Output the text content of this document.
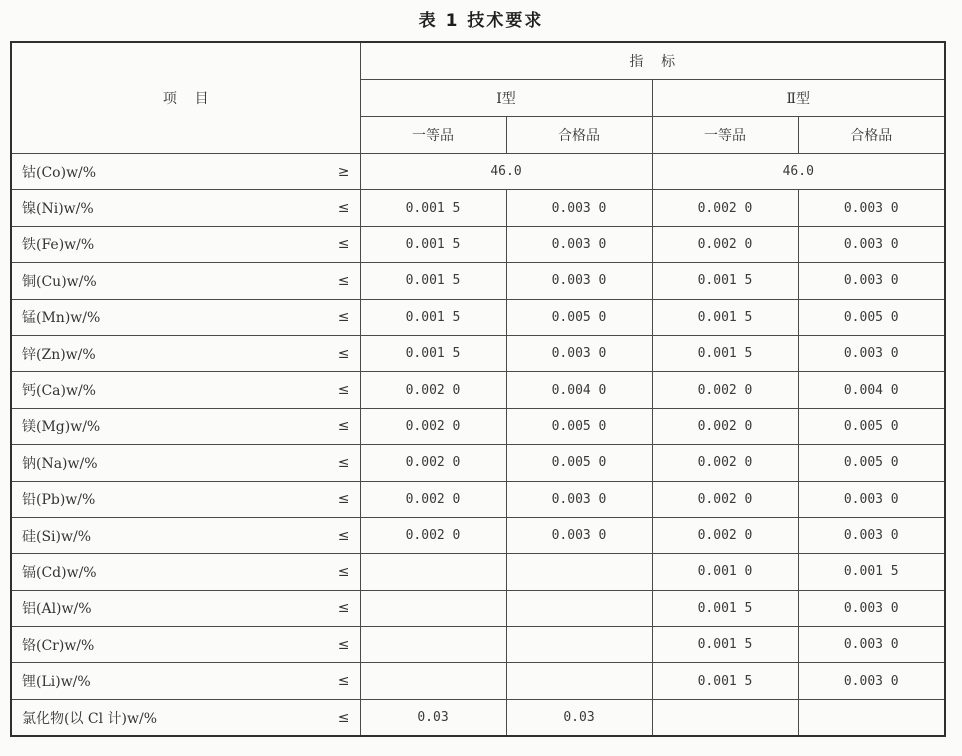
表 1 技术要求
项    目	指    标			
	Ⅰ型		Ⅱ型	
	一等品	合格品	一等品	合格品
钴(Co)w/% ≥	46.0		46.0	
镍(Ni)w/% ≤	0.001 5	0.003 0	0.002 0	0.003 0
铁(Fe)w/% ≤	0.001 5	0.003 0	0.002 0	0.003 0
铜(Cu)w/% ≤	0.001 5	0.003 0	0.001 5	0.003 0
锰(Mn)w/% ≤	0.001 5	0.005 0	0.001 5	0.005 0
锌(Zn)w/% ≤	0.001 5	0.003 0	0.001 5	0.003 0
钙(Ca)w/% ≤	0.002 0	0.004 0	0.002 0	0.004 0
镁(Mg)w/% ≤	0.002 0	0.005 0	0.002 0	0.005 0
钠(Na)w/% ≤	0.002 0	0.005 0	0.002 0	0.005 0
铅(Pb)w/% ≤	0.002 0	0.003 0	0.002 0	0.003 0
硅(Si)w/% ≤	0.002 0	0.003 0	0.002 0	0.003 0
镉(Cd)w/% ≤			0.001 0	0.001 5
铝(Al)w/% ≤			0.001 5	0.003 0
铬(Cr)w/% ≤			0.001 5	0.003 0
锂(Li)w/% ≤			0.001 5	0.003 0
氯化物(以 Cl 计)w/% ≤	0.03	0.03		
